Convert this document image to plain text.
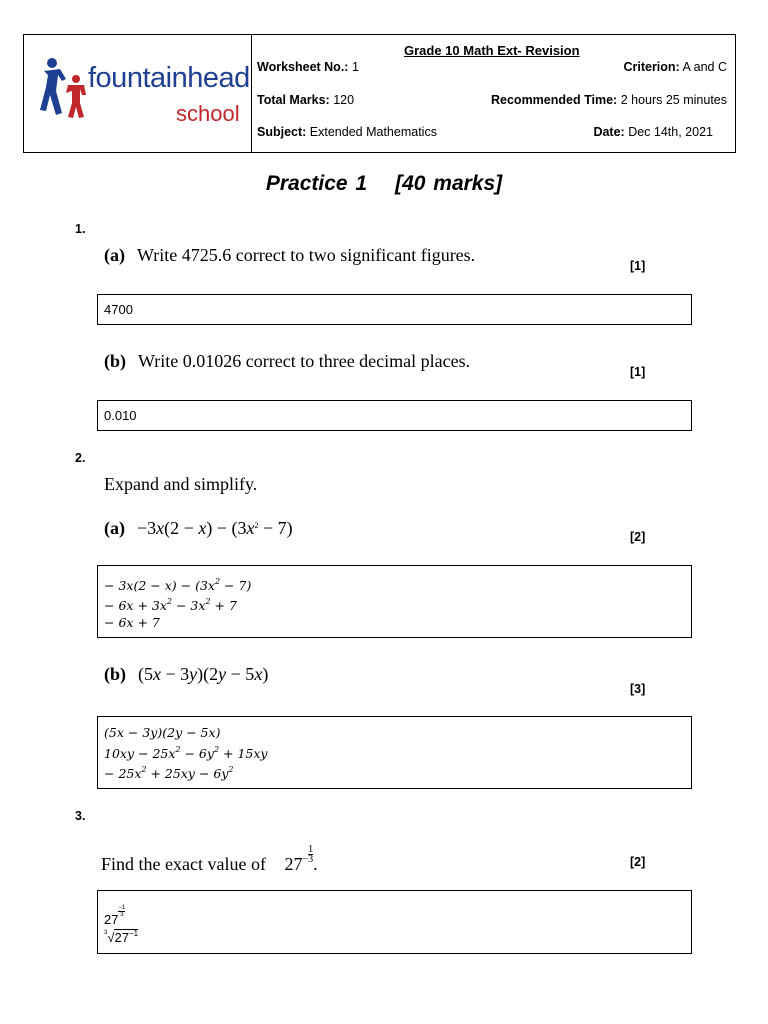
fountainhead
school
Grade 10 Math Ext- Revision
Worksheet No.: 1	Criterion: A and C
Total Marks: 120	Recommended Time: 2 hours 25 minutes
Subject: Extended Mathematics	Date: Dec 14th, 2021
Practice 1 [40 marks]
1.
(a) Write 4725.6 correct to two significant figures.
[1]
4700
(b) Write 0.01026 correct to three decimal places.
[1]
0.010
2.
Expand and simplify.
$(a) -3x(2 - x) - (3x^2 - 7)$	[2]
− $3x(2 - x) - (3x^2 - 7)$
− $6x + 3x^2 - 3x^2 + 7$
− 6x + 7
(b) (5x − 3y)(2y − 5x)
[3]
(5x − 3y)(2y − 5x)
$10xy - 25x^2 - 6y^2 + 15xy$
− $25x^2 + 25xy - 6y^2$
3.
Find the exact value of $27- \frac{1}{3}$ .	[2]
27
$\frac{-1}{3}$
$^3√27^{-1}$
